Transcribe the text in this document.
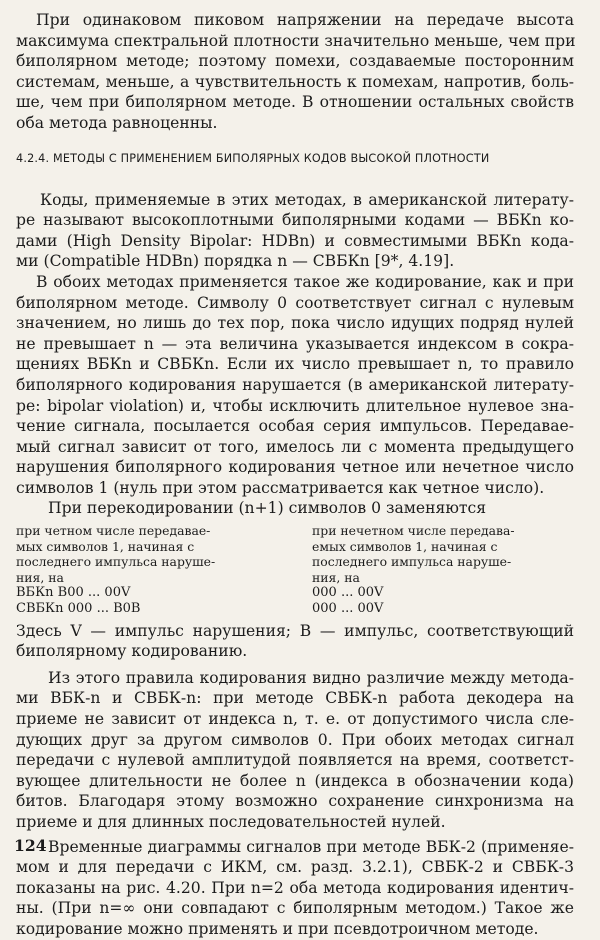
При одинаковом пиковом напряжении на передаче высота
максимума спектральной плотности значительно меньше, чем при
биполярном методе; поэтому помехи, создаваемые посторонним
системам, меньше, а чувствительность к помехам, напротив, боль-
ше, чем при биполярном методе. В отношении остальных свойств
оба метода равноценны.

4.2.4. МЕТОДЫ С ПРИМЕНЕНИЕМ БИПОЛЯРНЫХ КОДОВ ВЫСОКОЙ ПЛОТНОСТИ

Коды, применяемые в этих методах, в американской литерату-
ре называют высокоплотными биполярными кодами — ВБКn ко-
дами (High Density Bipolar: HDBn) и совместимыми ВБКn кода-
ми (Compatible HDBn) порядка n — СВБКn [9*, 4.19].

В обоих методах применяется такое же кодирование, как и при
биполярном методе. Символу 0 соответствует сигнал с нулевым
значением, но лишь до тех пор, пока число идущих подряд нулей
не превышает n — эта величина указывается индексом в сокра-
щениях ВБКn и СВБКn. Если их число превышает n, то правило
биполярного кодирования нарушается (в американской литерату-
ре: bipolar violation) и, чтобы исключить длительное нулевое зна-
чение сигнала, посылается особая серия импульсов. Передавае-
мый сигнал зависит от того, имелось ли с момента предыдущего
нарушения биполярного кодирования четное или нечетное число
символов 1 (нуль при этом рассматривается как четное число).

При перекодировании (n+1) символов 0 заменяются

при четном числе передавае-
мых символов 1, начиная с
последнего импульса наруше-
ния, на
ВБКn В00 ... 00V
СВБКn 000 ... В0В
при нечетном числе передава-
емых символов 1, начиная с
последнего импульса наруше-
ния, на
000 ... 00V
000 ... 00V

Здесь V — импульс нарушения; B — импульс, соответствующий
биполярному кодированию.

Из этого правила кодирования видно различие между метода-
ми ВБК-n и СВБК-n: при методе СВБК-n работа декодера на
приеме не зависит от индекса n, т. е. от допустимого числа сле-
дующих друг за другом символов 0. При обоих методах сигнал
передачи с нулевой амплитудой появляется на время, соответст-
вующее длительности не более n (индекса в обозначении кода)
битов. Благодаря этому возможно сохранение синхронизма на
приеме и для длинных последовательностей нулей.

Временные диаграммы сигналов при методе ВБК-2 (применяе-
мом и для передачи с ИКМ, см. разд. 3.2.1), СВБК-2 и СВБК-3
показаны на рис. 4.20. При n=2 оба метода кодирования идентич-
ны. (При n=∞ они совпадают с биполярным методом.) Такое же
кодирование можно применять и при псевдотроичном методе.

124
